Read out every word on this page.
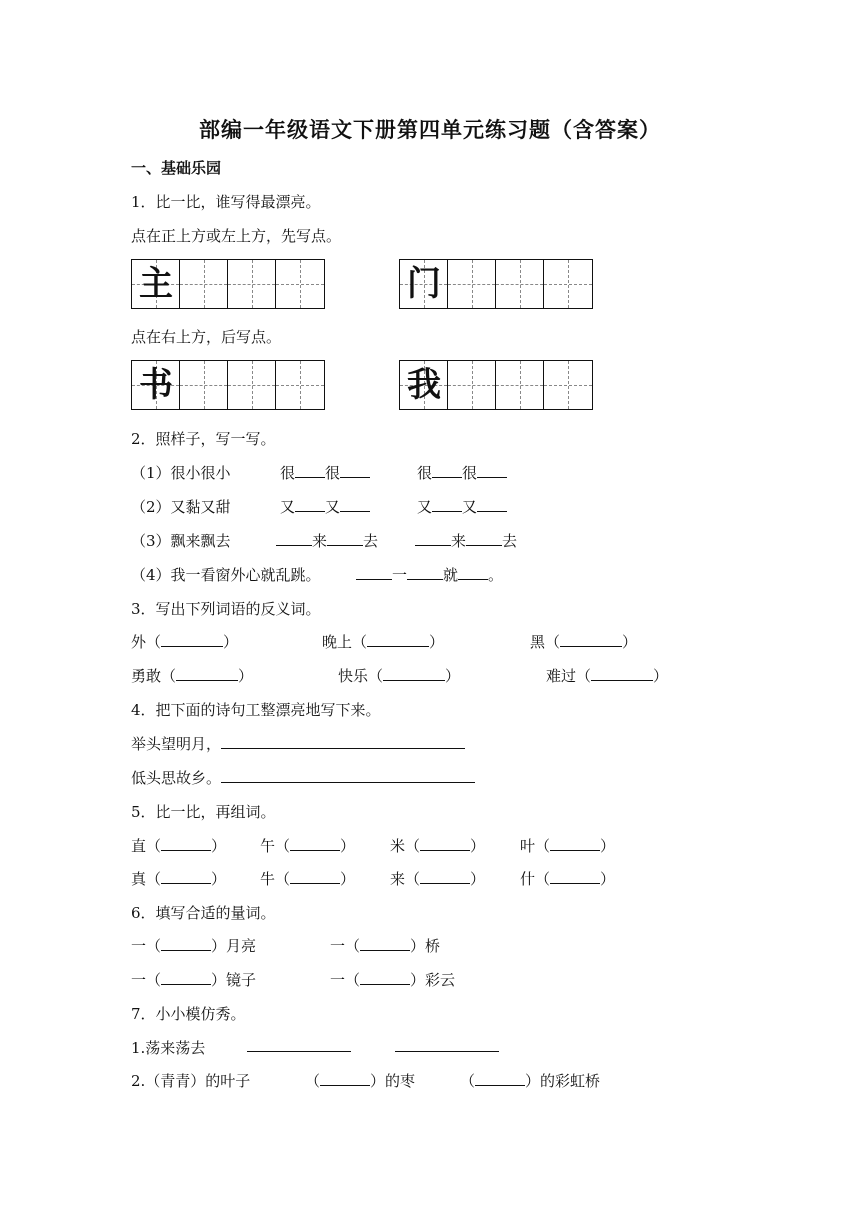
部编一年级语文下册第四单元练习题（含答案）
一、基础乐园
1．比一比，谁写得最漂亮。
点在正上方或左上方，先写点。
主	门
点在右上方，后写点。
书	我
2．照样子，写一写。
（1）很小很小	很 很	很 很
（2）又黏又甜	又 又	又 又
（3）飘来飘去	来 去	来 去
（4）我一看窗外心就乱跳。	一 就 。
3．写出下列词语的反义词。
外（	）	晚上（	）	黑（	）
勇敢（	）	快乐（	）	难过（	）
4．把下面的诗句工整漂亮地写下来。
举头望明月，
低头思故乡。
5．比一比，再组词。
直（	） 午（	） 米（	） 叶（	）
真（	） 牛（	） 来（	） 什（	）
6．填写合适的量词。
一（	）月亮	一（	）桥
一（	）镜子	一（	）彩云
7．小小模仿秀。
1.荡来荡去
2.（青青）的叶子	（	）的枣	（	）的彩虹桥
